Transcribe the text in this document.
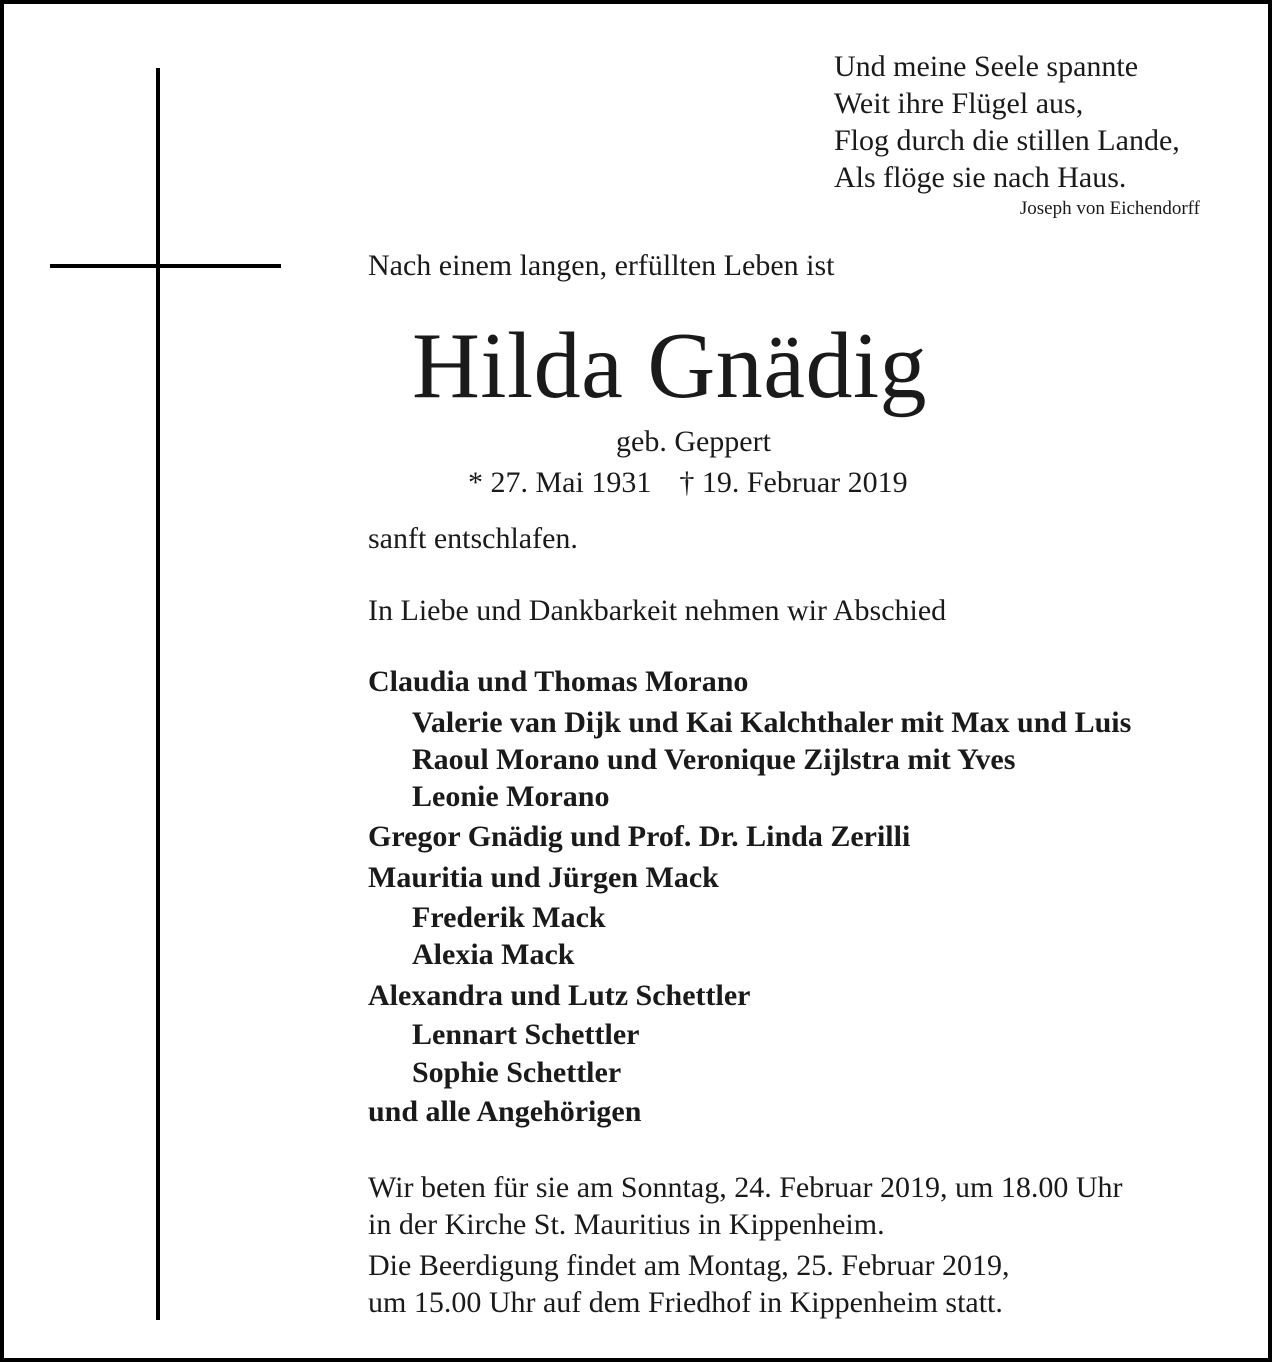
Und meine Seele spannte
Weit ihre Flügel aus,
Flog durch die stillen Lande,
Als flöge sie nach Haus.
Joseph von Eichendorff
Nach einem langen, erfüllten Leben ist
Hilda Gnädig
geb. Geppert
* 27. Mai 1931 † 19. Februar 2019
sanft entschlafen.
In Liebe und Dankbarkeit nehmen wir Abschied
Claudia und Thomas Morano
Valerie van Dijk und Kai Kalchthaler mit Max und Luis
Raoul Morano und Veronique Zijlstra mit Yves
Leonie Morano
Gregor Gnädig und Prof. Dr. Linda Zerilli
Mauritia und Jürgen Mack
Frederik Mack
Alexia Mack
Alexandra und Lutz Schettler
Lennart Schettler
Sophie Schettler
und alle Angehörigen
Wir beten für sie am Sonntag, 24. Februar 2019, um 18.00 Uhr
in der Kirche St. Mauritius in Kippenheim.
Die Beerdigung findet am Montag, 25. Februar 2019,
um 15.00 Uhr auf dem Friedhof in Kippenheim statt.
